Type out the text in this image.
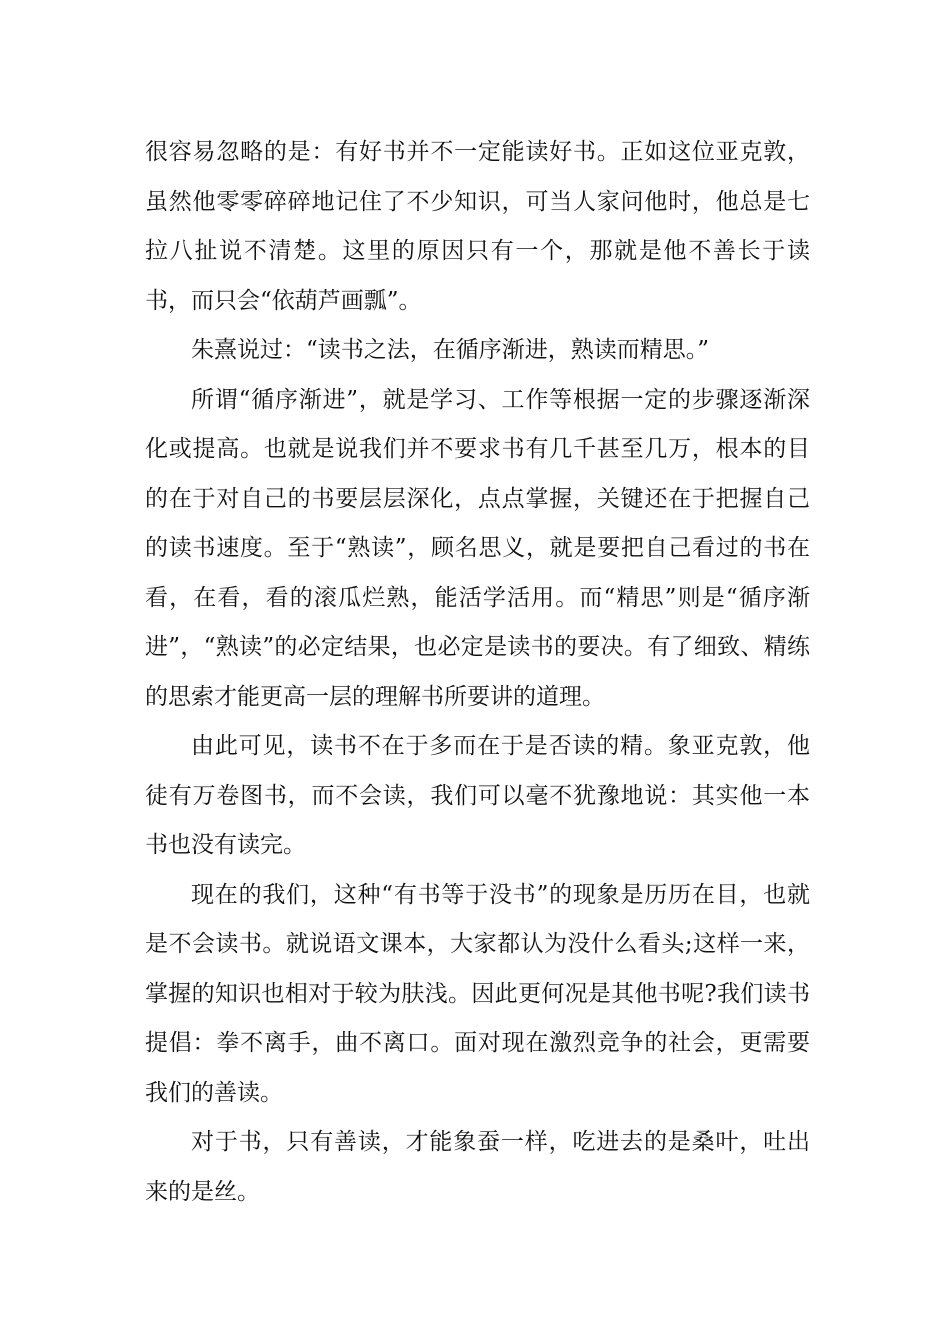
很容易忽略的是：有好书并不一定能读好书。正如这位亚克敦，虽然他零零碎碎地记住了不少知识，可当人家问他时，他总是七拉八扯说不清楚。这里的原因只有一个，那就是他不善长于读书，而只会“依葫芦画瓢”。

朱熹说过：“读书之法，在循序渐进，熟读而精思。”

所谓“循序渐进”，就是学习、工作等根据一定的步骤逐渐深化或提高。也就是说我们并不要求书有几千甚至几万，根本的目的在于对自己的书要层层深化，点点掌握，关键还在于把握自己的读书速度。至于“熟读”，顾名思义，就是要把自己看过的书在看，在看，看的滚瓜烂熟，能活学活用。而“精思”则是“循序渐进”，“熟读”的必定结果，也必定是读书的要决。有了细致、精练的思索才能更高一层的理解书所要讲的道理。

由此可见，读书不在于多而在于是否读的精。象亚克敦，他徒有万卷图书，而不会读，我们可以毫不犹豫地说：其实他一本书也没有读完。

现在的我们，这种“有书等于没书”的现象是历历在目，也就是不会读书。就说语文课本，大家都认为没什么看头;这样一来，掌握的知识也相对于较为肤浅。因此更何况是其他书呢?我们读书提倡：拳不离手，曲不离口。面对现在激烈竞争的社会，更需要我们的善读。

对于书，只有善读，才能象蚕一样，吃进去的是桑叶，吐出来的是丝。
